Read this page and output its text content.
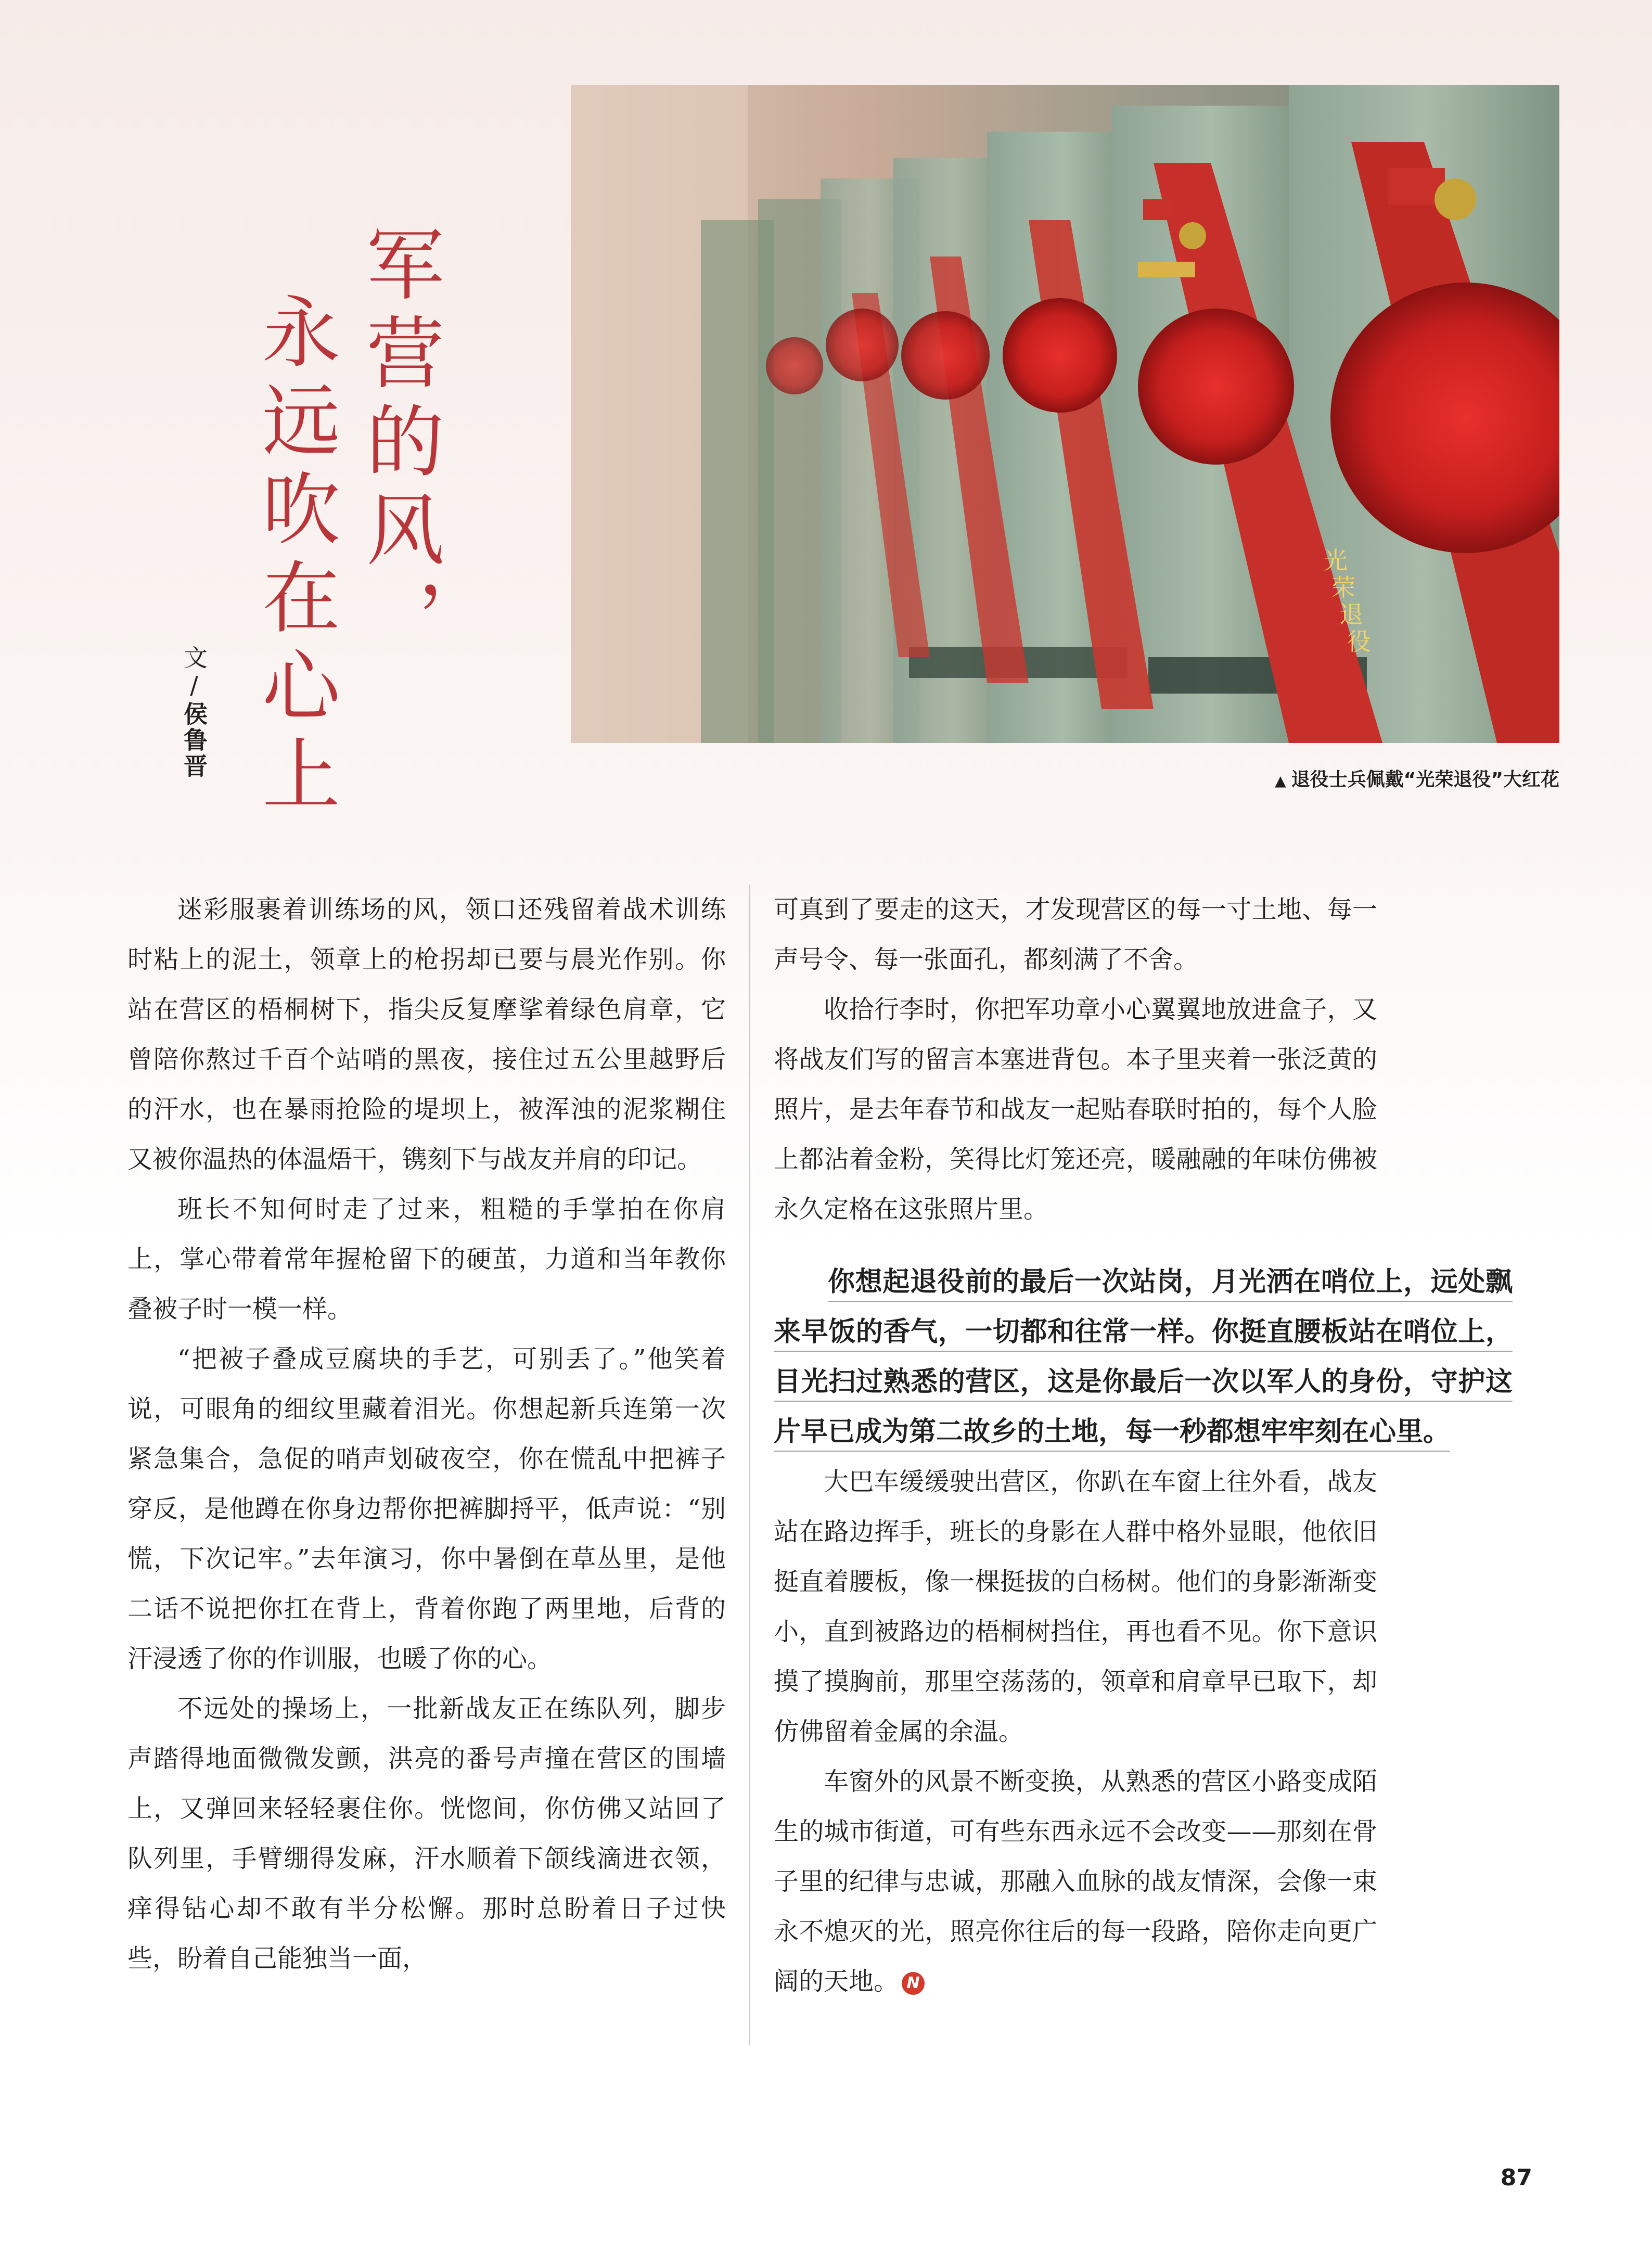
光荣退役
军营的风，
永远吹在心上
文/侯鲁晋
▲ 退役士兵佩戴“光荣退役”大红花

迷彩服裹着训练场的风，领口还残留着战术训练时粘上的泥土，领章上的枪拐却已要与晨光作别。你站在营区的梧桐树下，指尖反复摩挲着绿色肩章，它曾陪你熬过千百个站哨的黑夜，接住过五公里越野后的汗水，也在暴雨抢险的堤坝上，被浑浊的泥浆糊住又被你温热的体温焐干，镌刻下与战友并肩的印记。

班长不知何时走了过来，粗糙的手掌拍在你肩上，掌心带着常年握枪留下的硬茧，力道和当年教你叠被子时一模一样。

“把被子叠成豆腐块的手艺，可别丢了。”他笑着说，可眼角的细纹里藏着泪光。你想起新兵连第一次紧急集合，急促的哨声划破夜空，你在慌乱中把裤子穿反，是他蹲在你身边帮你把裤脚捋平，低声说：“别慌，下次记牢。”去年演习，你中暑倒在草丛里，是他二话不说把你扛在背上，背着你跑了两里地，后背的汗浸透了你的作训服，也暖了你的心。

不远处的操场上，一批新战友正在练队列，脚步声踏得地面微微发颤，洪亮的番号声撞在营区的围墙上，又弹回来轻轻裹住你。恍惚间，你仿佛又站回了队列里，手臂绷得发麻，汗水顺着下颌线滴进衣领，痒得钻心却不敢有半分松懈。那时总盼着日子过快些，盼着自己能独当一面，

可真到了要走的这天，才发现营区的每一寸土地、每一声号令、每一张面孔，都刻满了不舍。

收拾行李时，你把军功章小心翼翼地放进盒子，又将战友们写的留言本塞进背包。本子里夹着一张泛黄的照片，是去年春节和战友一起贴春联时拍的，每个人脸上都沾着金粉，笑得比灯笼还亮，暖融融的年味仿佛被永久定格在这张照片里。

你想起退役前的最后一次站岗，月光洒在哨位上，远处飘来早饭的香气，一切都和往常一样。你挺直腰板站在哨位上，目光扫过熟悉的营区，这是你最后一次以军人的身份，守护这片早已成为第二故乡的土地，每一秒都想牢牢刻在心里。

大巴车缓缓驶出营区，你趴在车窗上往外看，战友站在路边挥手，班长的身影在人群中格外显眼，他依旧挺直着腰板，像一棵挺拔的白杨树。他们的身影渐渐变小，直到被路边的梧桐树挡住，再也看不见。你下意识摸了摸胸前，那里空荡荡的，领章和肩章早已取下，却仿佛留着金属的余温。

车窗外的风景不断变换，从熟悉的营区小路变成陌生的城市街道，可有些东西永远不会改变——那刻在骨子里的纪律与忠诚，那融入血脉的战友情深，会像一束永不熄灭的光，照亮你往后的每一段路，陪你走向更广阔的天地。 N

87
